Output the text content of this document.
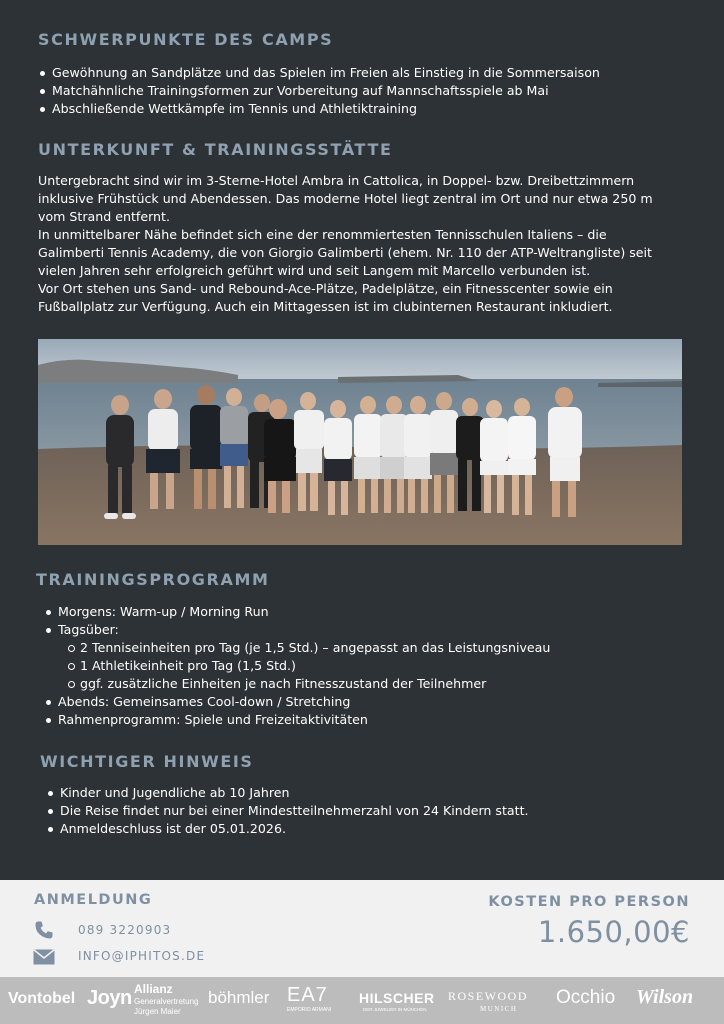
SCHWERPUNKTE DES CAMPS
Gewöhnung an Sandplätze und das Spielen im Freien als Einstieg in die Sommersaison
Matchähnliche Trainingsformen zur Vorbereitung auf Mannschaftsspiele ab Mai
Abschließende Wettkämpfe im Tennis und Athletiktraining
UNTERKUNFT & TRAININGSSTÄTTE
Untergebracht sind wir im 3-Sterne-Hotel Ambra in Cattolica, in Doppel- bzw. Dreibettzimmern
inklusive Frühstück und Abendessen. Das moderne Hotel liegt zentral im Ort und nur etwa 250 m
vom Strand entfernt.
In unmittelbarer Nähe befindet sich eine der renommiertesten Tennisschulen Italiens – die
Galimberti Tennis Academy, die von Giorgio Galimberti (ehem. Nr. 110 der ATP-Weltrangliste) seit
vielen Jahren sehr erfolgreich geführt wird und seit Langem mit Marcello verbunden ist.
Vor Ort stehen uns Sand- und Rebound-Ace-Plätze, Padelplätze, ein Fitnesscenter sowie ein
Fußballplatz zur Verfügung. Auch ein Mittagessen ist im clubinternen Restaurant inkludiert.
TRAININGSPROGRAMM
Morgens: Warm-up / Morning Run
Tagsüber:
2 Tenniseinheiten pro Tag (je 1,5 Std.) – angepasst an das Leistungsniveau
1 Athletikeinheit pro Tag (1,5 Std.)
ggf. zusätzliche Einheiten je nach Fitnesszustand der Teilnehmer
Abends: Gemeinsames Cool-down / Stretching
Rahmenprogramm: Spiele und Freizeitaktivitäten
WICHTIGER HINWEIS
Kinder und Jugendliche ab 10 Jahren
Die Reise findet nur bei einer Mindestteilnehmerzahl von 24 Kindern statt.
Anmeldeschluss ist der 05.01.2026.
ANMELDUNG
089 3220903
INFO@IPHITOS.DE
KOSTEN PRO PERSON
1.650,00€
Vontobel Joyn Allianz
Generalvertretung
Jürgen Maier
böhmler EA7
EMPORIO ARMANI
HILSCHER
DER JUWELIER IN MÜNCHEN
ROSEWOOD
MUNICH
Occhio Wilson
